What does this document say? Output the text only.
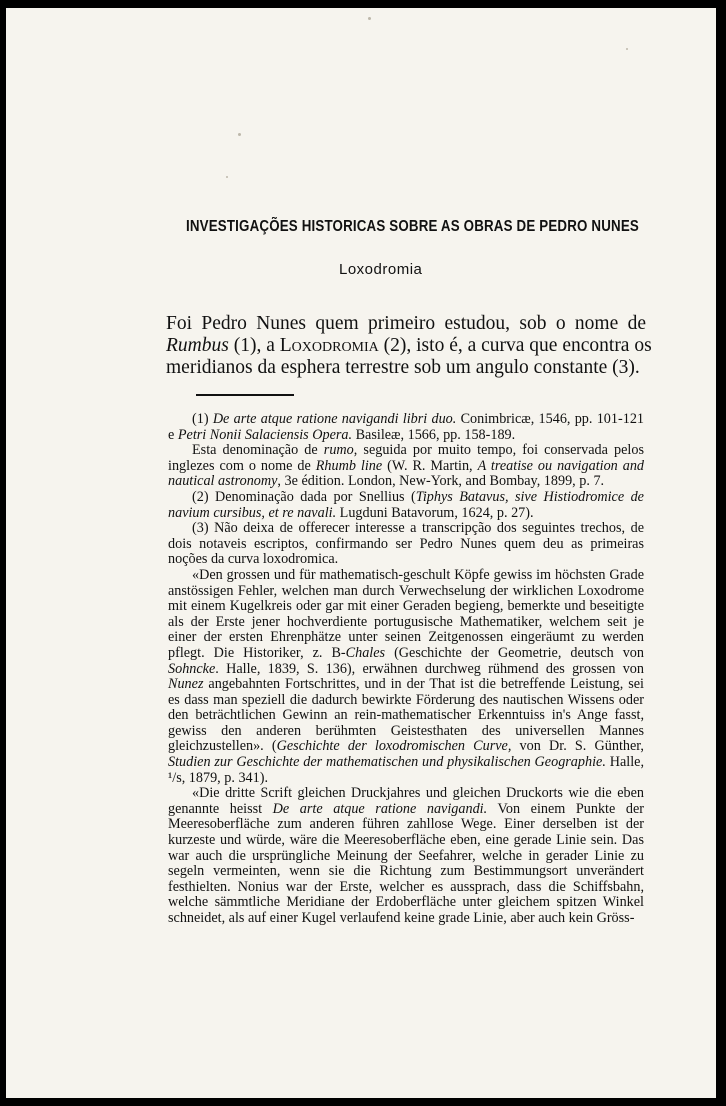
INVESTIGAÇÕES HISTORICAS SOBRE AS OBRAS DE PEDRO NUNES
Loxodromia
Foi Pedro Nunes quem primeiro estudou, sob o nome de
Rumbus (1), a Loxodromia (2), isto é, a curva que encontra os
meridianos da esphera terrestre sob um angulo constante (3).

(1) De arte atque ratione navigandi libri duo. Conimbricæ, 1546, pp. 101-121 e Petri Nonii Salaciensis Opera. Basileæ, 1566, pp. 158-189.

Esta denominação de rumo, seguida por muito tempo, foi conservada pelos inglezes com o nome de Rhumb line (W. R. Martin, A treatise ou navigation and nautical astronomy, 3e édition. London, New-York, and Bombay, 1899, p. 7.

(2) Denominação dada por Snellius (Tiphys Batavus, sive Histiodromice de navium cursibus, et re navali. Lugduni Batavorum, 1624, p. 27).

(3) Não deixa de offerecer interesse a transcripção dos seguintes trechos, de dois notaveis escriptos, confirmando ser Pedro Nunes quem deu as primeiras noções da curva loxodromica.

«Den grossen und für mathematisch-geschult Köpfe gewiss im höchsten Grade anstössigen Fehler, welchen man durch Verwechselung der wirklichen Loxodrome mit einem Kugelkreis oder gar mit einer Geraden begieng, bemerkte und beseitigte als der Erste jener hochverdiente portugusische Mathematiker, welchem seit je einer der ersten Ehrenphätze unter seinen Zeitgenossen eingeräumt zu werden pflegt. Die Historiker, z. B-Chales (Geschichte der Geometrie, deutsch von Sohncke. Halle, 1839, S. 136), erwähnen durchweg rühmend des grossen von Nunez angebahnten Fortschrittes, und in der That ist die betreffende Leistung, sei es dass man speziell die dadurch bewirkte Förderung des nautischen Wissens oder den beträchtlichen Gewinn an rein-mathematischer Erkenntuiss in's Ange fasst, gewiss den anderen berühmten Geistesthaten des universellen Mannes gleichzustellen». (Geschichte der loxodromischen Curve, von Dr. S. Günther, Studien zur Geschichte der mathematischen und physikalischen Geographie. Halle, ¹/s, 1879, p. 341).

«Die dritte Scrift gleichen Druckjahres und gleichen Druckorts wie die eben genannte heisst De arte atque ratione navigandi. Von einem Punkte der Meeresoberfläche zum anderen führen zahllose Wege. Einer derselben ist der kurzeste und würde, wäre die Meeresoberfläche eben, eine gerade Linie sein. Das war auch die ursprüngliche Meinung der Seefahrer, welche in gerader Linie zu segeln vermeinten, wenn sie die Richtung zum Bestimmungsort unverändert festhielten. Nonius war der Erste, welcher es aussprach, dass die Schiffsbahn, welche sämmtliche Meridiane der Erdoberfläche unter gleichem spitzen Winkel schneidet, als auf einer Kugel verlaufend keine grade Linie, aber auch kein Gröss-
